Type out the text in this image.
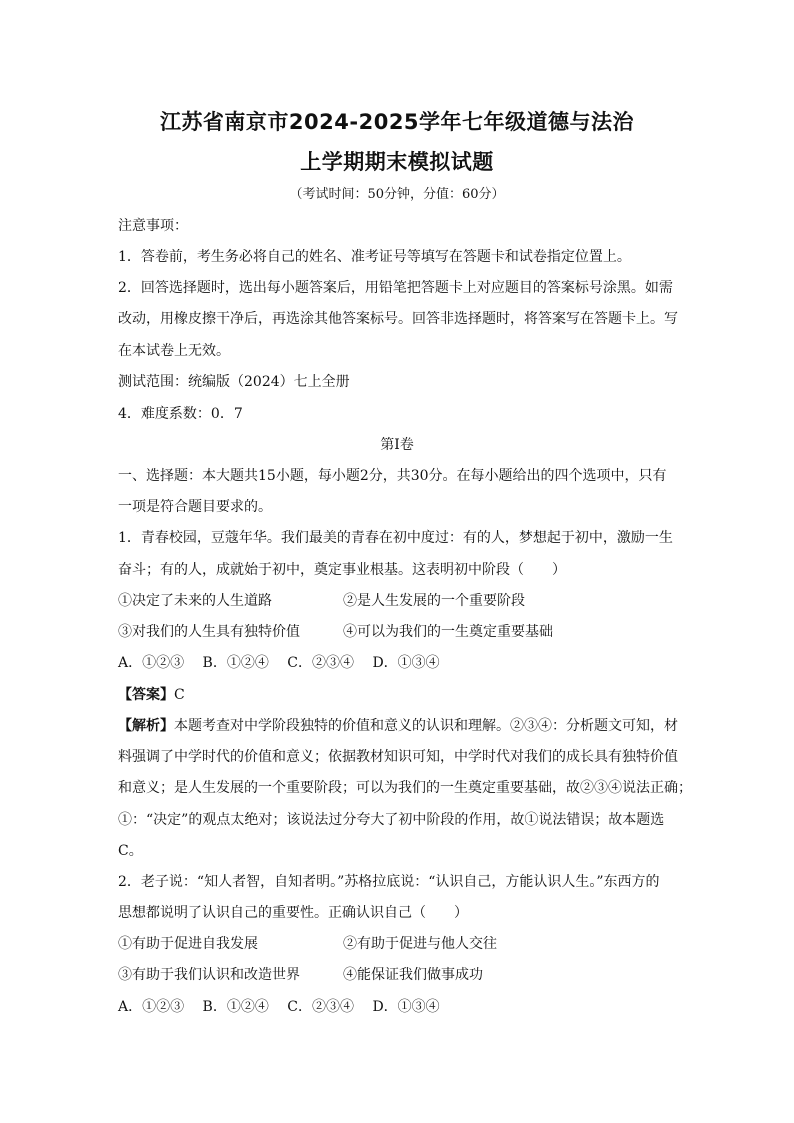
江苏省南京市2024-2025学年七年级道德与法治
上学期期末模拟试题
（考试时间：50分钟，分值：60分）
注意事项：
1．答卷前，考生务必将自己的姓名、准考证号等填写在答题卡和试卷指定位置上。
2．回答选择题时，选出每小题答案后，用铅笔把答题卡上对应题目的答案标号涂黑。如需
改动，用橡皮擦干净后，再选涂其他答案标号。回答非选择题时，将答案写在答题卡上。写
在本试卷上无效。
测试范围：统编版（2024）七上全册
4．难度系数：0．7
第Ⅰ卷
一、选择题：本大题共15小题，每小题2分，共30分。在每小题给出的四个选项中，只有
一项是符合题目要求的。
1．青春校园，豆蔻年华。我们最美的青春在初中度过：有的人，梦想起于初中，激励一生
奋斗；有的人，成就始于初中，奠定事业根基。这表明初中阶段（　　）
①决定了未来的人生道路	②是人生发展的一个重要阶段
③对我们的人生具有独特价值	④可以为我们的一生奠定重要基础
A．①②③　 B．①②④　 C．②③④　 D．①③④
【答案】C
【解析】本题考查对中学阶段独特的价值和意义的认识和理解。②③④：分析题文可知，材
料强调了中学时代的价值和意义；依据教材知识可知，中学时代对我们的成长具有独特价值
和意义；是人生发展的一个重要阶段；可以为我们的一生奠定重要基础，故②③④说法正确；
①：“决定”的观点太绝对；该说法过分夸大了初中阶段的作用，故①说法错误；故本题选
C。
2．老子说：“知人者智，自知者明。”苏格拉底说：“认识自己，方能认识人生。”东西方的
思想都说明了认识自己的重要性。正确认识自己（　　）
①有助于促进自我发展	②有助于促进与他人交往
③有助于我们认识和改造世界	④能保证我们做事成功
A．①②③　 B．①②④　 C．②③④　 D．①③④
